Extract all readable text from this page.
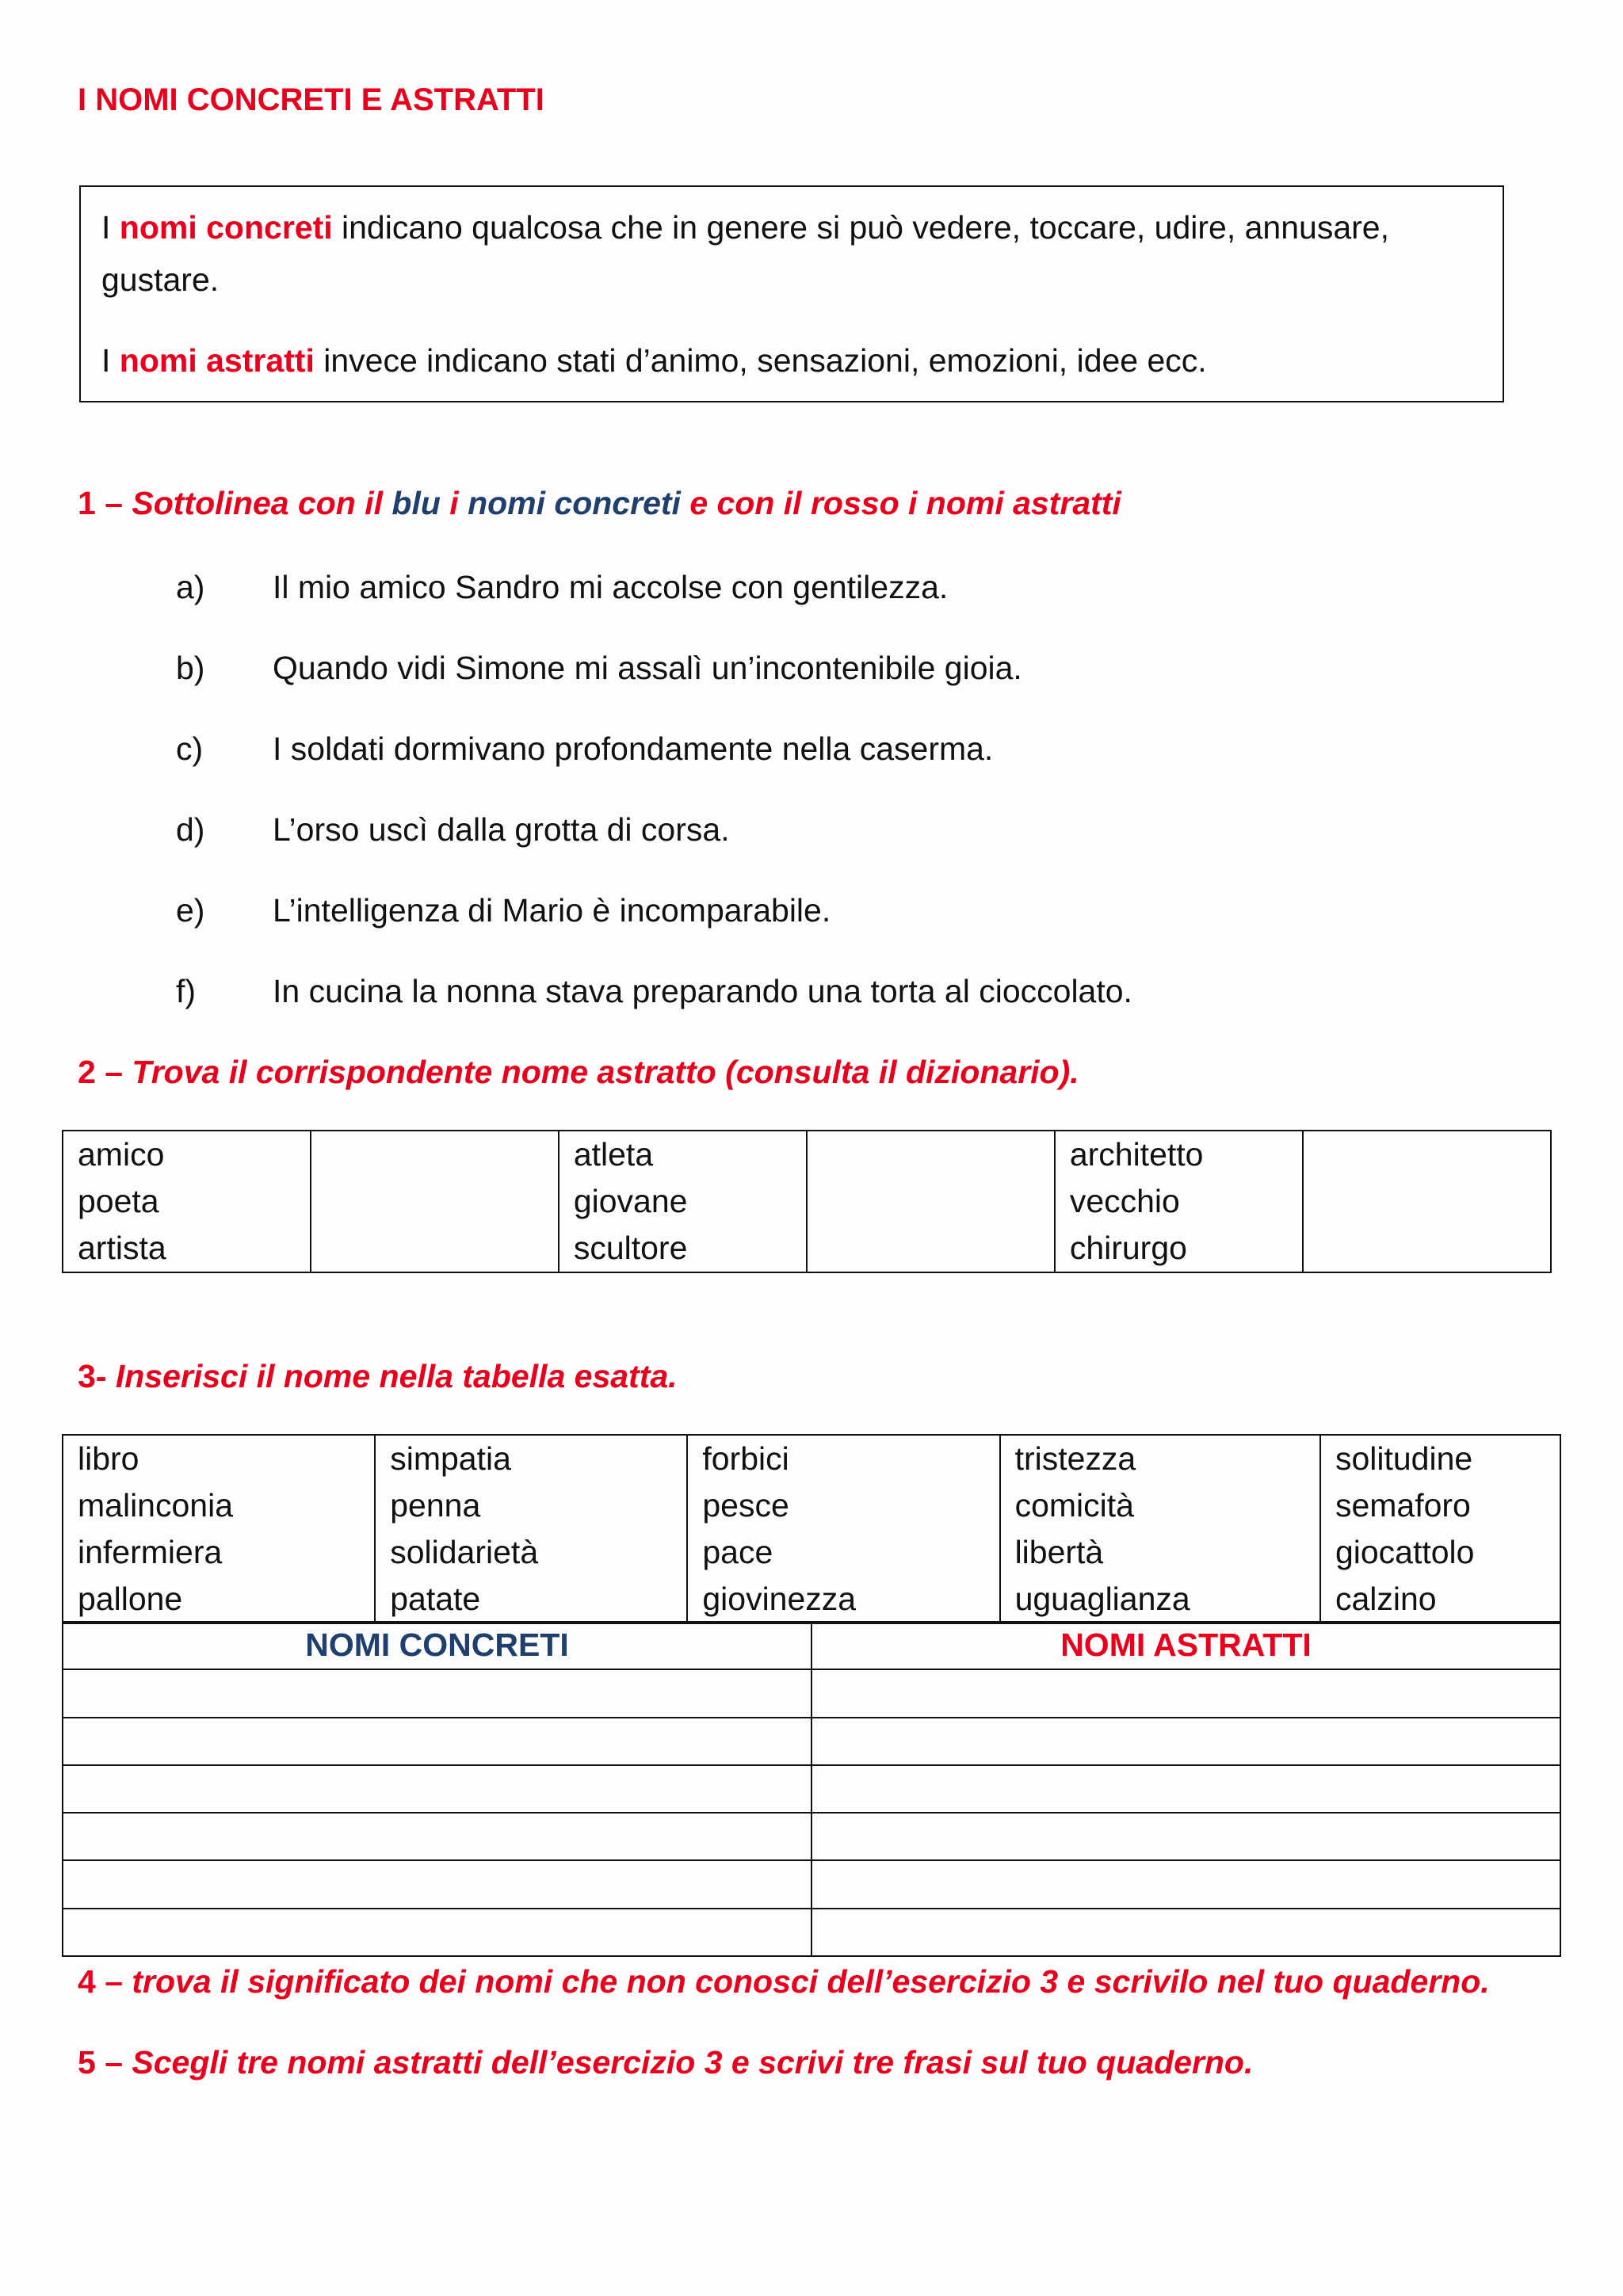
I NOMI CONCRETI E ASTRATTI

I nomi concreti indicano qualcosa che in genere si può vedere, toccare, udire, annusare, gustare.

I nomi astratti invece indicano stati d’animo, sensazioni, emozioni, idee ecc.

1 – Sottolinea con il blu i nomi concreti e con il rosso i nomi astratti
a) Il mio amico Sandro mi accolse con gentilezza.
b) Quando vidi Simone mi assalì un’incontenibile gioia.
c) I soldati dormivano profondamente nella caserma.
d) L’orso uscì dalla grotta di corsa.
e) L’intelligenza di Mario è incomparabile.
f) In cucina la nonna stava preparando una torta al cioccolato.
2 – Trova il corrispondente nome astratto (consulta il dizionario).
amico
poeta
artista

atleta
giovane
scultore

architetto
vecchio
chirurgo

3- Inserisci il nome nella tabella esatta.
libro
malinconia
infermiera
pallone

simpatia
penna
solidarietà
patate

forbici
pesce
pace
giovinezza

tristezza
comicità
libertà
uguaglianza

solitudine
semaforo
giocattolo
calzino
NOMI CONCRETI	NOMI ASTRATTI

4 – trova il significato dei nomi che non conosci dell’esercizio 3 e scrivilo nel tuo quaderno.
5 – Scegli tre nomi astratti dell’esercizio 3 e scrivi tre frasi sul tuo quaderno.
